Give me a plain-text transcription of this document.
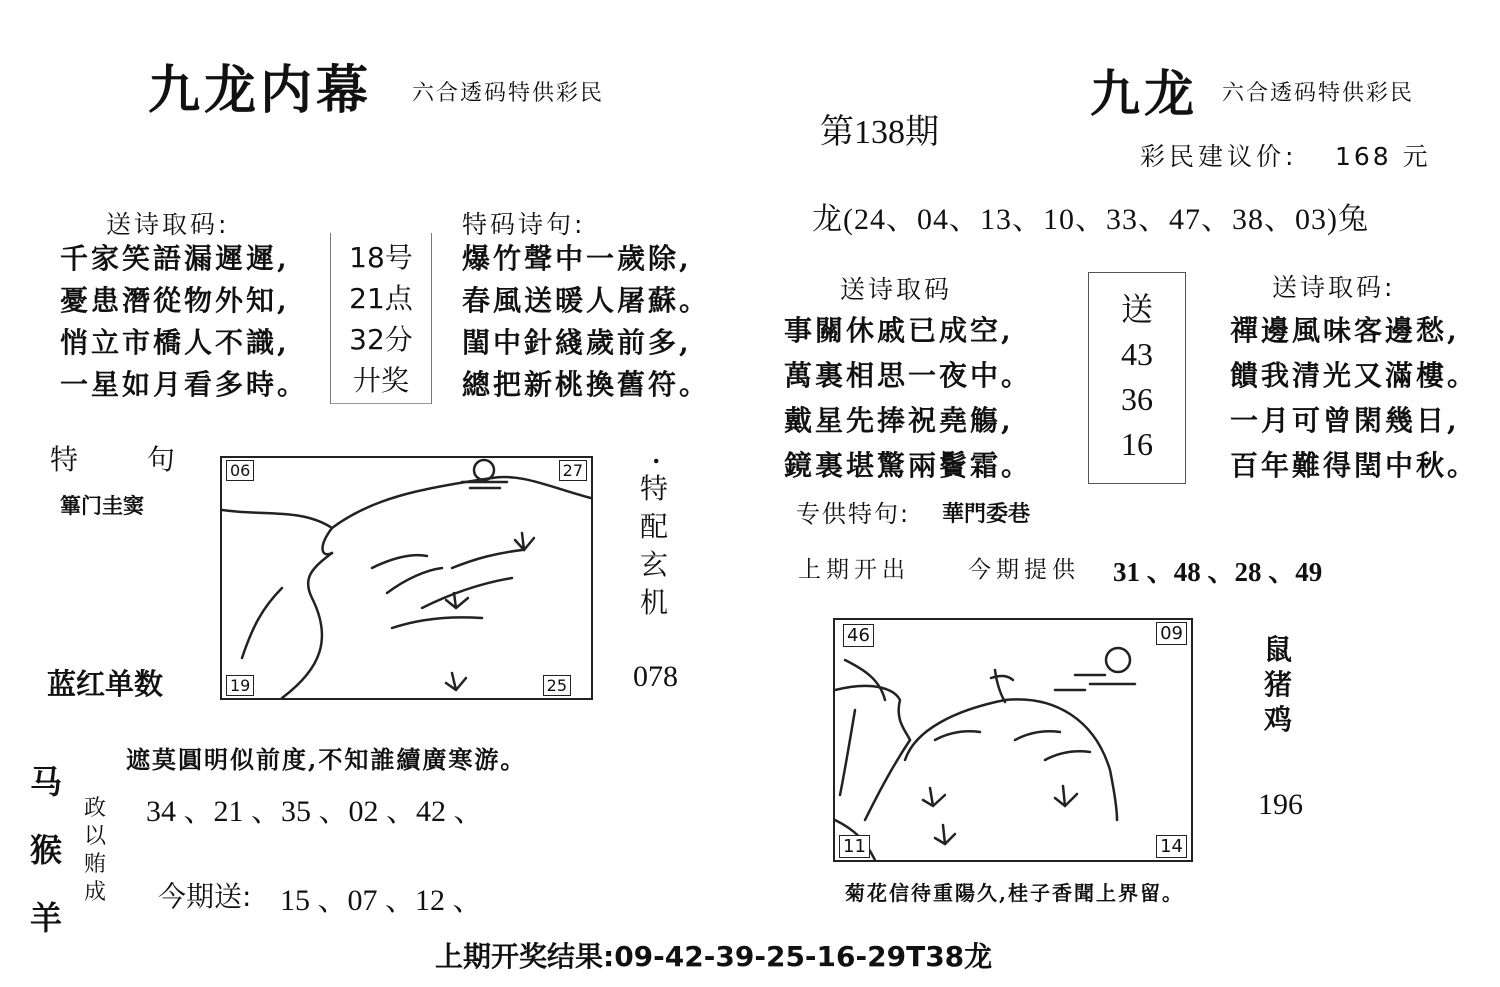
九龙内幕 六合透码特供彩民
送诗取码:
千家笑語漏遲遲,
憂患潛從物外知,
悄立市橋人不識,
一星如月看多時。
18号
21点
32分
廾奖
特码诗句:
爆竹聲中一歲除,
春風送暖人屠蘇。
閨中針綫歲前多,
總把新桃換舊符。
特 句
篳门圭窦
06	27
19	25
.
特
配
玄
机
蓝红单数	078
马
猴
羊
遮莫圓明似前度,不知誰續廣寒游。
政
以
贿
成
34 、21 、35 、02 、42 、
今期送: 15 、07 、12 、
第138期
龙(24、04、13、10、33、47、38、03)兔
九龙 六合透码特供彩民
彩民建议价: 168 元
送诗取码
事關休戚已成空,
萬裏相思一夜中。
戴星先捧祝堯觴,
鏡裏堪驚兩鬢霜。
送
43
36
16
送诗取码:
禪邊風味客邊愁,
饋我清光又滿樓。
一月可曾閑幾日,
百年難得閏中秋。
专供特句: 華門委巷
上期开出	今期提供 31 、48 、28 、49
46	09
11	14
鼠
猪
鸡
196
菊花信待重陽久,桂子香聞上界留。
上期开奖结果:09-42-39-25-16-29T38龙
